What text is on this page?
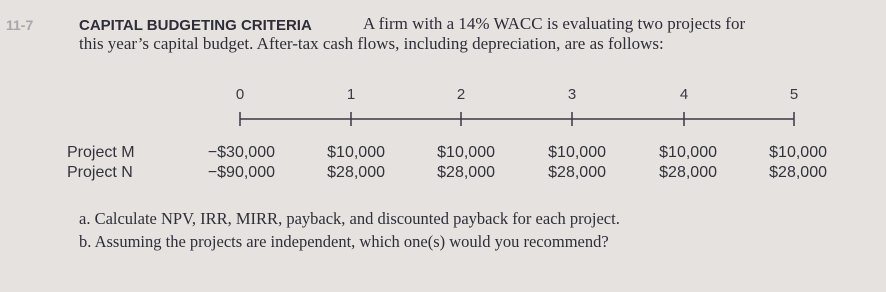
11-7	CAPITAL BUDGETING CRITERIA	A firm with a 14% WACC is evaluating two projects for
this year’s capital budget. After-tax cash flows, including depreciation, are as follows:
0	1	2	3	4	5
Project M	−$30,000	$10,000	$10,000	$10,000	$10,000	$10,000
Project N	−$90,000	$28,000	$28,000	$28,000	$28,000	$28,000
a. Calculate NPV, IRR, MIRR, payback, and discounted payback for each project.
b. Assuming the projects are independent, which one(s) would you recommend?
